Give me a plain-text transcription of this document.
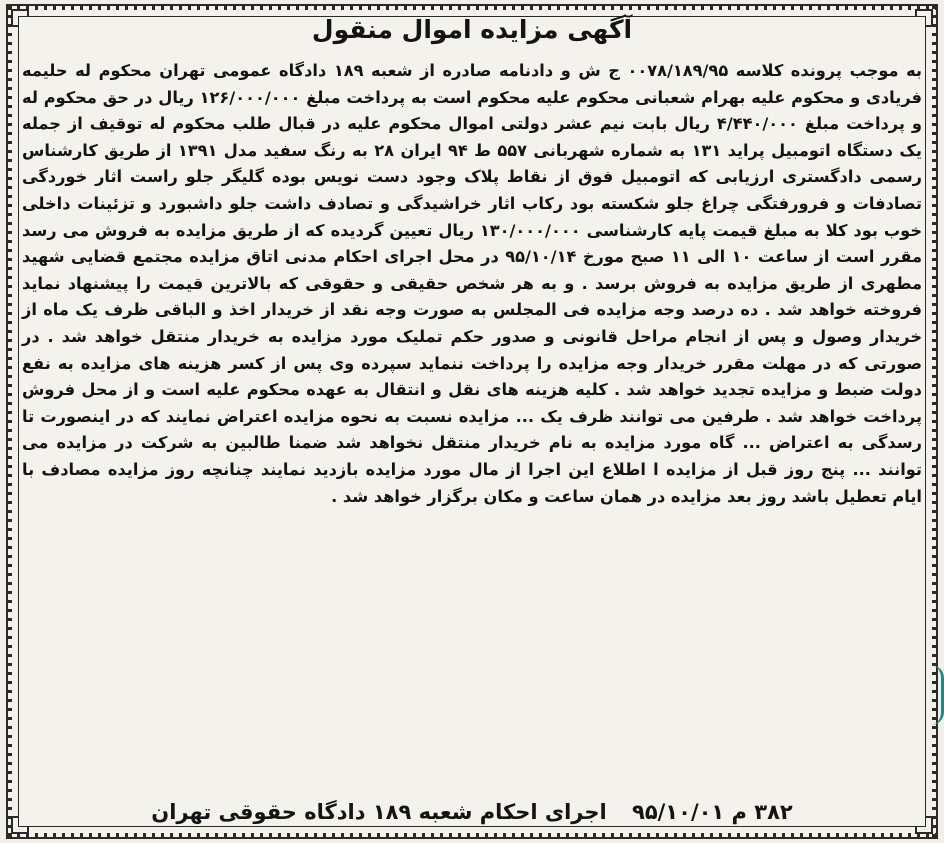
آگهی مزایده اموال منقول

به موجب پرونده کلاسه ۰۰۷۸/۱۸۹/۹۵ ج ش و دادنامه صادره از شعبه ۱۸۹ دادگاه عمومی تهران محکوم له حلیمه فریادی و محکوم علیه بهرام شعبانی محکوم علیه محکوم است به پرداخت مبلغ ۱۲۶/۰۰۰/۰۰۰ ریال در حق محکوم له و پرداخت مبلغ ۴/۴۴۰/۰۰۰ ریال بابت نیم عشر دولتی اموال محکوم علیه در قبال طلب محکوم له توقیف از جمله یک دستگاه اتومبیل پراید ۱۳۱ به شماره شهربانی ۵۵۷ ط ۹۴ ایران ۲۸ به رنگ سفید مدل ۱۳۹۱ از طریق کارشناس رسمی دادگستری ارزیابی که اتومبیل فوق از نقاط پلاک وجود دست نویس بوده گلیگر جلو راست اثار خوردگی تصادفات و فرورفتگی چراغ جلو شکسته بود رکاب اثار خراشیدگی و تصادف داشت جلو داشبورد و تزئینات داخلی خوب بود کلا به مبلغ قیمت پایه کارشناسی ۱۳۰/۰۰۰/۰۰۰ ریال تعیین گردیده که از طریق مزایده به فروش می رسد مقرر است از ساعت ۱۰ الی ۱۱ صبح مورخ ۹۵/۱۰/۱۴ در محل اجرای احکام مدنی اتاق مزایده مجتمع قضایی شهید مطهری از طریق مزایده به فروش برسد . و به هر شخص حقیقی و حقوقی که بالاترین قیمت را پیشنهاد نماید فروخته خواهد شد . ده درصد وجه مزایده فی المجلس به صورت وجه نقد از خریدار اخذ و الباقی ظرف یک ماه از خریدار وصول و پس از انجام مراحل قانونی و صدور حکم تملیک مورد مزایده به خریدار منتقل خواهد شد . در صورتی که در مهلت مقرر خریدار وجه مزایده را پرداخت ننماید سپرده وی پس از کسر هزینه های مزایده به نفع دولت ضبط و مزایده تجدید خواهد شد . کلیه هزینه های نقل و انتقال به عهده محکوم علیه است و از محل فروش پرداخت خواهد شد . طرفین می توانند ظرف یک ... مزایده نسبت به نحوه مزایده اعتراض نمایند که در اینصورت تا رسدگی به اعتراض ... گاه مورد مزایده به نام خریدار منتقل نخواهد شد ضمنا طالبین به شرکت در مزایده می توانند ... پنج روز قبل از مزایده ا اطلاع این اجرا از مال مورد مزایده بازدید نمایند چنانچه روز مزایده مصادف با ایام تعطیل باشد روز بعد مزایده در همان ساعت و مکان برگزار خواهد شد .

۳۸۲ م ۹۵/۱۰/۰۱ اجرای احکام شعبه ۱۸۹ دادگاه حقوقی تهران
